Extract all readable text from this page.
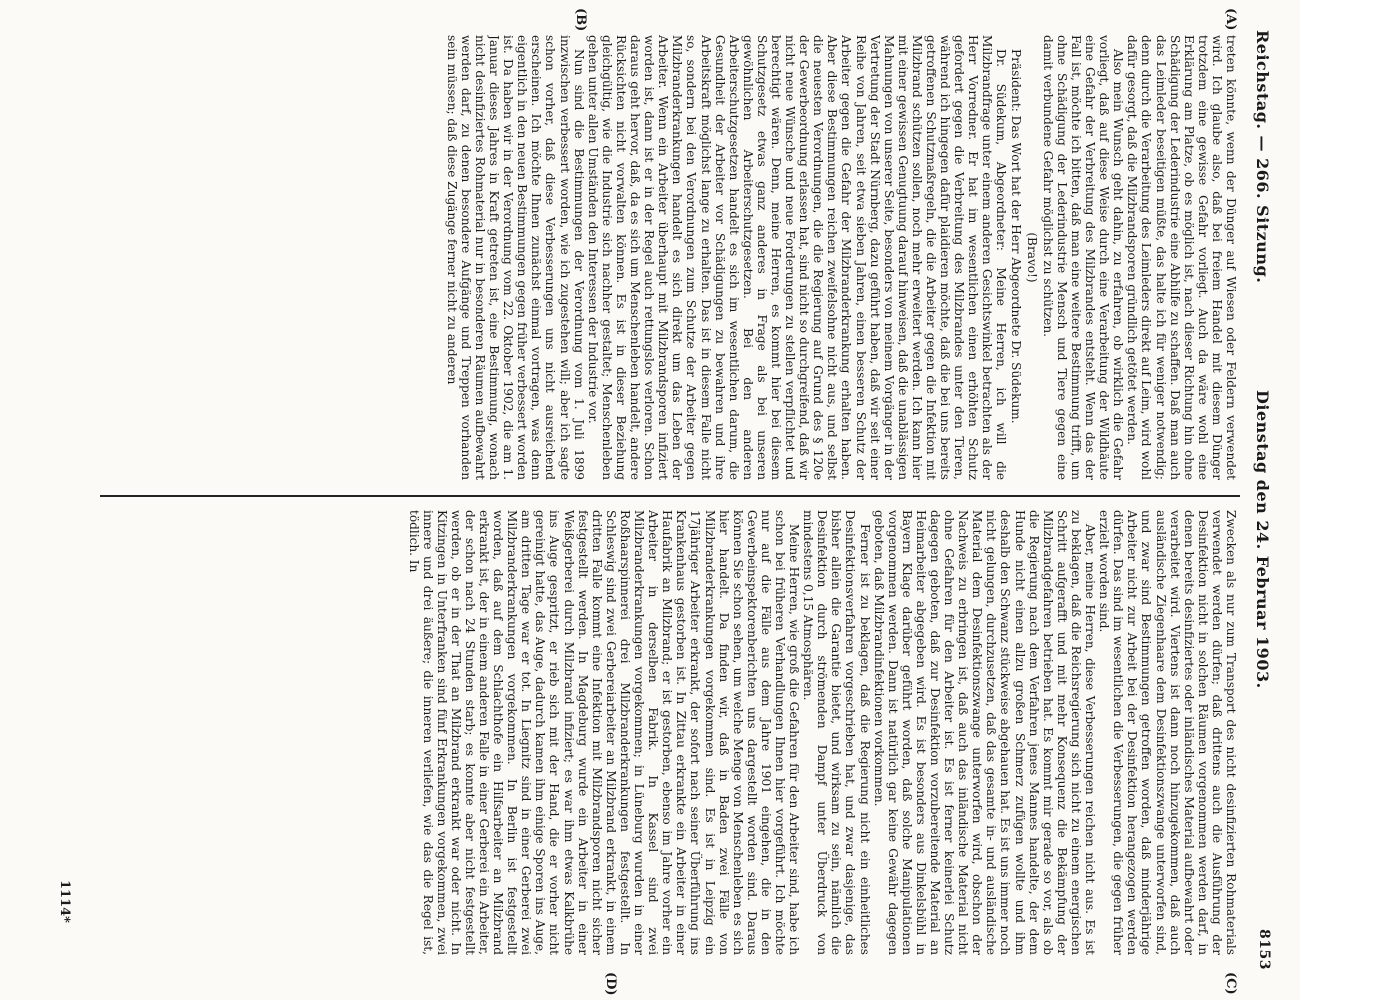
Reichstag. — 266. Sitzung.
Dienstag den 24. Februar 1903.
8153
(A)
(B)
(C)
(D)

treten könnte, wenn der Dünger auf Wiesen oder Feldern verwendet wird. Ich glaube also, daß bei freiem Handel mit diesem Dünger trotzdem eine gewisse Gefahr vorliegt. Auch da wäre wohl eine Erklärung am Platze, ob es möglich ist, nach dieser Richtung hin ohne Schädigung der Lederindustrie eine Abhilfe zu schaffen. Daß man auch das Leimleder beseitigen müßte, das halte ich für weniger notwendig; denn durch die Verarbeitung des Leimleders direkt auf Leim, wird wohl dafür gesorgt, daß die Milzbrandsporen gründlich getötet werden.

Also mein Wunsch geht dahin, zu erfahren, ob wirklich die Gefahr vorliegt, daß auf diese Weise durch eine Verarbeitung der Wildhäute eine Gefahr der Verbreitung des Milzbrandes entsteht. Wenn das der Fall ist, möchte ich bitten, daß man eine weitere Bestimmung trifft, um ohne Schädigung der Lederindustrie Mensch und Tiere gegen eine damit verbundene Gefahr möglichst zu schützen.

(Bravo!)

Präsident: Das Wort hat der Herr Abgeordnete Dr. Südekum.

Dr. Südekum, Abgeordneter: Meine Herren, ich will die Milzbrandfrage unter einem anderen Gesichtswinkel betrachten als der Herr Vorredner. Er hat im wesentlichen einen erhöhten Schutz gefordert gegen die Verbreitung des Milzbrandes unter den Tieren, während ich hingegen dafür plaidieren möchte, daß die bei uns bereits getroffenen Schutzmaßregeln, die die Arbeiter gegen die Infektion mit Milzbrand schützen sollen, noch mehr erweitert werden. Ich kann hier mit einer gewissen Genugtuung darauf hinweisen, daß die unablässigen Mahnungen von unserer Seite, besonders von meinem Vorgänger in der Vertretung der Stadt Nürnberg, dazu geführt haben, daß wir seit einer Reihe von Jahren, seit etwa sieben Jahren, einen besseren Schutz der Arbeiter gegen die Gefahr der Milzbranderkrankung erhalten haben. Aber diese Bestimmungen reichen zweifelsohne nicht aus, und selbst die neuesten Verordnungen, die die Regierung auf Grund des § 120e der Gewerbeordnung erlassen hat, sind nicht so durchgreifend, daß wir nicht neue Wünsche und neue Forderungen zu stellen verpflichtet und berechtigt wären. Denn, meine Herren, es kommt hier bei diesem Schutzgesetz etwas ganz anderes in Frage als bei unseren gewöhnlichen Arbeiterschutzgesetzen. Bei den anderen Arbeiterschutzgesetzen handelt es sich im wesentlichen darum, die Gesundheit der Arbeiter vor Schädigungen zu bewahren und ihre Arbeitskraft möglichst lange zu erhalten. Das ist in diesem Falle nicht so, sondern bei den Verordnungen zum Schutze der Arbeiter gegen Milzbranderkrankungen handelt es sich direkt um das Leben der Arbeiter. Wenn ein Arbeiter überhaupt mit Milzbrandsporen infiziert worden ist, dann ist er in der Regel auch rettungslos verloren. Schon daraus geht hervor, daß, da es sich um Menschenleben handelt, andere Rücksichten nicht vorwalten können. Es ist in dieser Beziehung gleichgültig, wie die Industrie sich nachher gestaltet; Menschenleben gehen unter allen Umständen den Interessen der Industrie vor.

Nun sind die Bestimmungen der Verordnung vom 1. Juli 1899 inzwischen verbessert worden, wie ich zugestehen will; aber ich sagte schon vorher, daß diese Verbesserungen uns nicht ausreichend erscheinen. Ich möchte Ihnen zunächst einmal vortragen, was denn eigentlich in den neuen Bestimmungen gegen früher verbessert worden ist. Da haben wir in der Verordnung vom 22. Oktober 1902, die am 1. Januar dieses Jahres in Kraft getreten ist, eine Bestimmung, wonach nicht desinfiziertes Rohmaterial nur in besonderen Räumen aufbewahrt werden darf, zu denen besondere Aufgänge und Treppen vorhanden sein müssen; daß diese Zugänge ferner nicht zu anderen

Zwecken als nur zum Transport des nicht desinfizierten Rohmaterials verwendet werden dürfen; daß drittens auch die Ausführung der Desinfektion nicht in solchen Räumen vorgenommen werden darf, in denen bereits desinfiziertes oder inländisches Material aufbewahrt oder verarbeitet wird. Viertens ist dann noch hinzugekommen, daß auch ausländische Ziegenhaare dem Desinfektionszwange unterworfen sind, und zwar sind Bestimmungen getroffen worden, daß minderjährige Arbeiter nicht zur Arbeit bei der Desinfektion herangezogen werden dürfen. Das sind im wesentlichen die Verbesserungen, die gegen früher erzielt worden sind.

Aber, meine Herren, diese Verbesserungen reichen nicht aus. Es ist zu beklagen, daß die Reichsregierung sich nicht zu einem energischen Schritt aufgerafft und mit mehr Konsequenz die Bekämpfung der Milzbrandgefahren betrieben hat. Es kommt mir gerade so vor, als ob die Regierung nach dem Verfahren jenes Mannes handelte, der dem Hunde nicht einen allzu großen Schmerz zufügen wollte und ihm deshalb den Schwanz stückweise abgehauen hat. Es ist uns immer noch nicht gelungen, durchzusetzen, daß das gesamte in- und ausländische Material dem Desinfektionszwange unterworfen wird, obschon der Nachweis zu erbringen ist, daß auch das inländische Material nicht ohne Gefahren für den Arbeiter ist. Es ist ferner keinerlei Schutz dagegen geboten, daß zur Desinfektion vorzubereitende Material an Heimarbeiter abgegeben wird. Es ist besonders aus Dinkelsbühl in Bayern Klage darüber geführt worden, daß solche Manipulationen vorgenommen werden. Dann ist natürlich gar keine Gewähr dagegen geboten, daß Milzbrandinfektionen vorkommen.

Ferner ist zu beklagen, daß die Regierung nicht ein einheitliches Desinfektionsverfahren vorgeschrieben hat, und zwar dasjenige, das bisher allein die Garantie bietet, und wirksam zu sein, nämlich die Desinfektion durch strömenden Dampf unter Überdruck von mindestens 0,15 Atmosphären.

Meine Herren, wie groß die Gefahren für den Arbeiter sind, habe ich schon bei früheren Verhandlungen Ihnen hier vorgeführt. Ich möchte nur auf die Fälle aus dem Jahre 1901 eingehen, die in den Gewerbeinspektorenberichten uns dargestellt worden sind. Daraus können Sie schon sehen, um welche Menge von Menschenleben es sich hier handelt. Da finden wir, daß in Baden zwei Fälle von Milzbranderkrankungen vorgekommen sind. Es ist in Leipzig ein 17jähriger Arbeiter erkrankt, der sofort nach seiner Überführung ins Krankenhaus gestorben ist. In Zittau erkrankte ein Arbeiter in einer Haufabrik an Milzbrand; er ist gestorben, ebenso im Jahre vorher ein Arbeiter in derselben Fabrik. In Kassel sind zwei Milzbranderkrankungen vorgekommen; in Lüneburg wurden in einer Roßhaarspinnerei drei Milzbranderkrankungen festgestellt. In Schleswig sind zwei Gerbereiarbeiter an Milzbrand erkrankt, in einem dritten Falle kommt eine Infektion mit Milzbrandsporen nicht sicher festgestellt werden. In Magdeburg wurde ein Arbeiter in einer Weißgerberei durch Milzbrand infiziert; es war ihm etwas Kalkbrühe ins Auge gespritzt, er rieb sich mit der Hand, die er vorher nicht gereinigt hatte, das Auge, dadurch kamen ihm einige Sporen ins Auge, am dritten Tage war er tot. In Liegnitz sind in einer Gerberei zwei Milzbranderkrankungen vorgekommen. In Berlin ist festgestellt worden, daß auf dem Schlachthofe ein Hilfsarbeiter an Milzbrand erkrankt ist, der in einem anderen Falle in einer Gerberei ein Arbeiter, der schon nach 24 Stunden starb; es konnte aber nicht festgestellt werden, ob er in der That an Milzbrand erkrankt war oder nicht. In Kitzingen in Unterfranken sind fünf Erkrankungen vorgekommen, zwei innere und drei äußere; die inneren verliefen, wie das die Regel ist, tödlich. In

1114*
